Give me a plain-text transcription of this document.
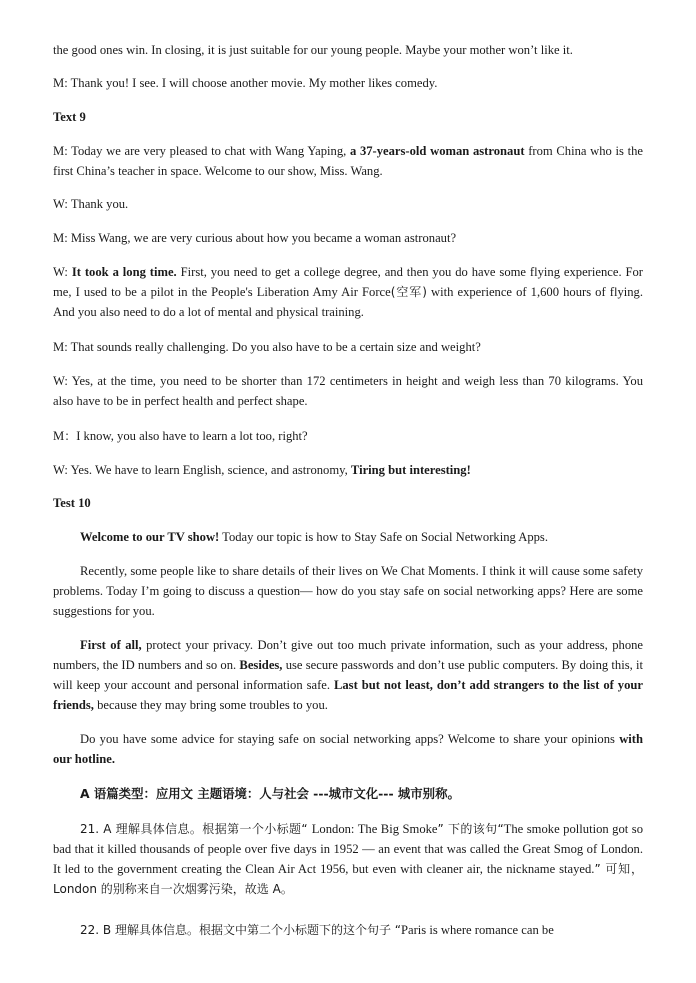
the good ones win. In closing, it is just suitable for our young people. Maybe your mother won’t like it.

M: Thank you! I see. I will choose another movie. My mother likes comedy.

Text 9

M: Today we are very pleased to chat with Wang Yaping, a 37-years-old woman astronaut from China who is the first China’s teacher in space. Welcome to our show, Miss. Wang.

W: Thank you.

M: Miss Wang, we are very curious about how you became a woman astronaut?

W: It took a long time. First, you need to get a college degree, and then you do have some flying experience. For me, I used to be a pilot in the People's Liberation Amy Air Force(空军) with experience of 1,600 hours of flying. And you also need to do a lot of mental and physical training.

M: That sounds really challenging. Do you also have to be a certain size and weight?

W: Yes, at the time, you need to be shorter than 172 centimeters in height and weigh less than 70 kilograms. You also have to be in perfect health and perfect shape.

M：I know, you also have to learn a lot too, right?

W: Yes. We have to learn English, science, and astronomy, Tiring but interesting!

Test 10

Welcome to our TV show! Today our topic is how to Stay Safe on Social Networking Apps.

Recently, some people like to share details of their lives on We Chat Moments. I think it will cause some safety problems. Today I’m going to discuss a question— how do you stay safe on social networking apps? Here are some suggestions for you.

First of all, protect your privacy. Don’t give out too much private information, such as your address, phone numbers, the ID numbers and so on. Besides, use secure passwords and don’t use public computers. By doing this, it will keep your account and personal information safe. Last but not least, don’t add strangers to the list of your friends, because they may bring some troubles to you.

Do you have some advice for staying safe on social networking apps? Welcome to share your opinions with our hotline.

A 语篇类型：应用文 主题语境：人与社会 ---城市文化--- 城市别称。

21. A 理解具体信息。根据第一个小标题“ London: The Big Smoke” 下的该句“The smoke pollution got so bad that it killed thousands of people over five days in 1952 — an event that was called the Great Smog of London. It led to the government creating the Clean Air Act 1956, but even with cleaner air, the nickname stayed.” 可知，London 的别称来自一次烟雾污染，故选 A。

22. B 理解具体信息。根据文中第二个小标题下的这个句子 “Paris is where romance can be
